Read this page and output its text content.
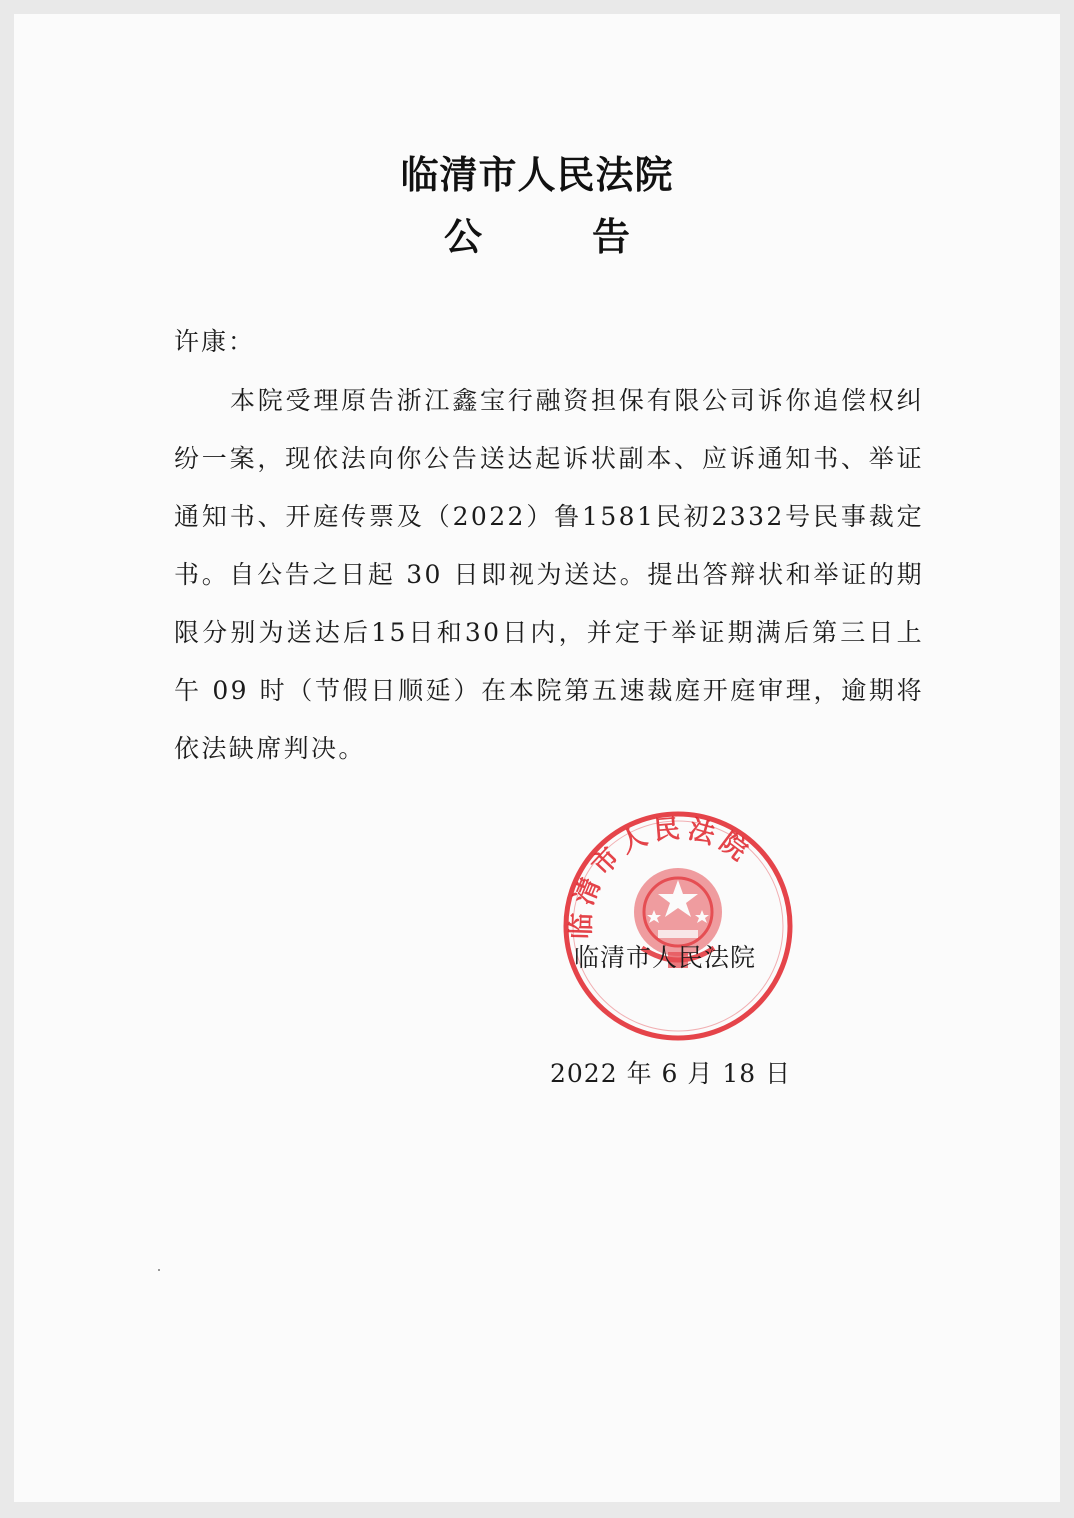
临清市人民法院
公告
许康：

本院受理原告浙江鑫宝行融资担保有限公司诉你追偿权纠纷一案，现依法向你公告送达起诉状副本、应诉通知书、举证通知书、开庭传票及（2022）鲁1581民初2332号民事裁定书。自公告之日起 30 日即视为送达。提出答辩状和举证的期限分别为送达后15日和30日内，并定于举证期满后第三日上午 09 时（节假日顺延）在本院第五速裁庭开庭审理，逾期将依法缺席判决。

临清市人民法院
临清市人民法院
2022 年 6 月 18 日
